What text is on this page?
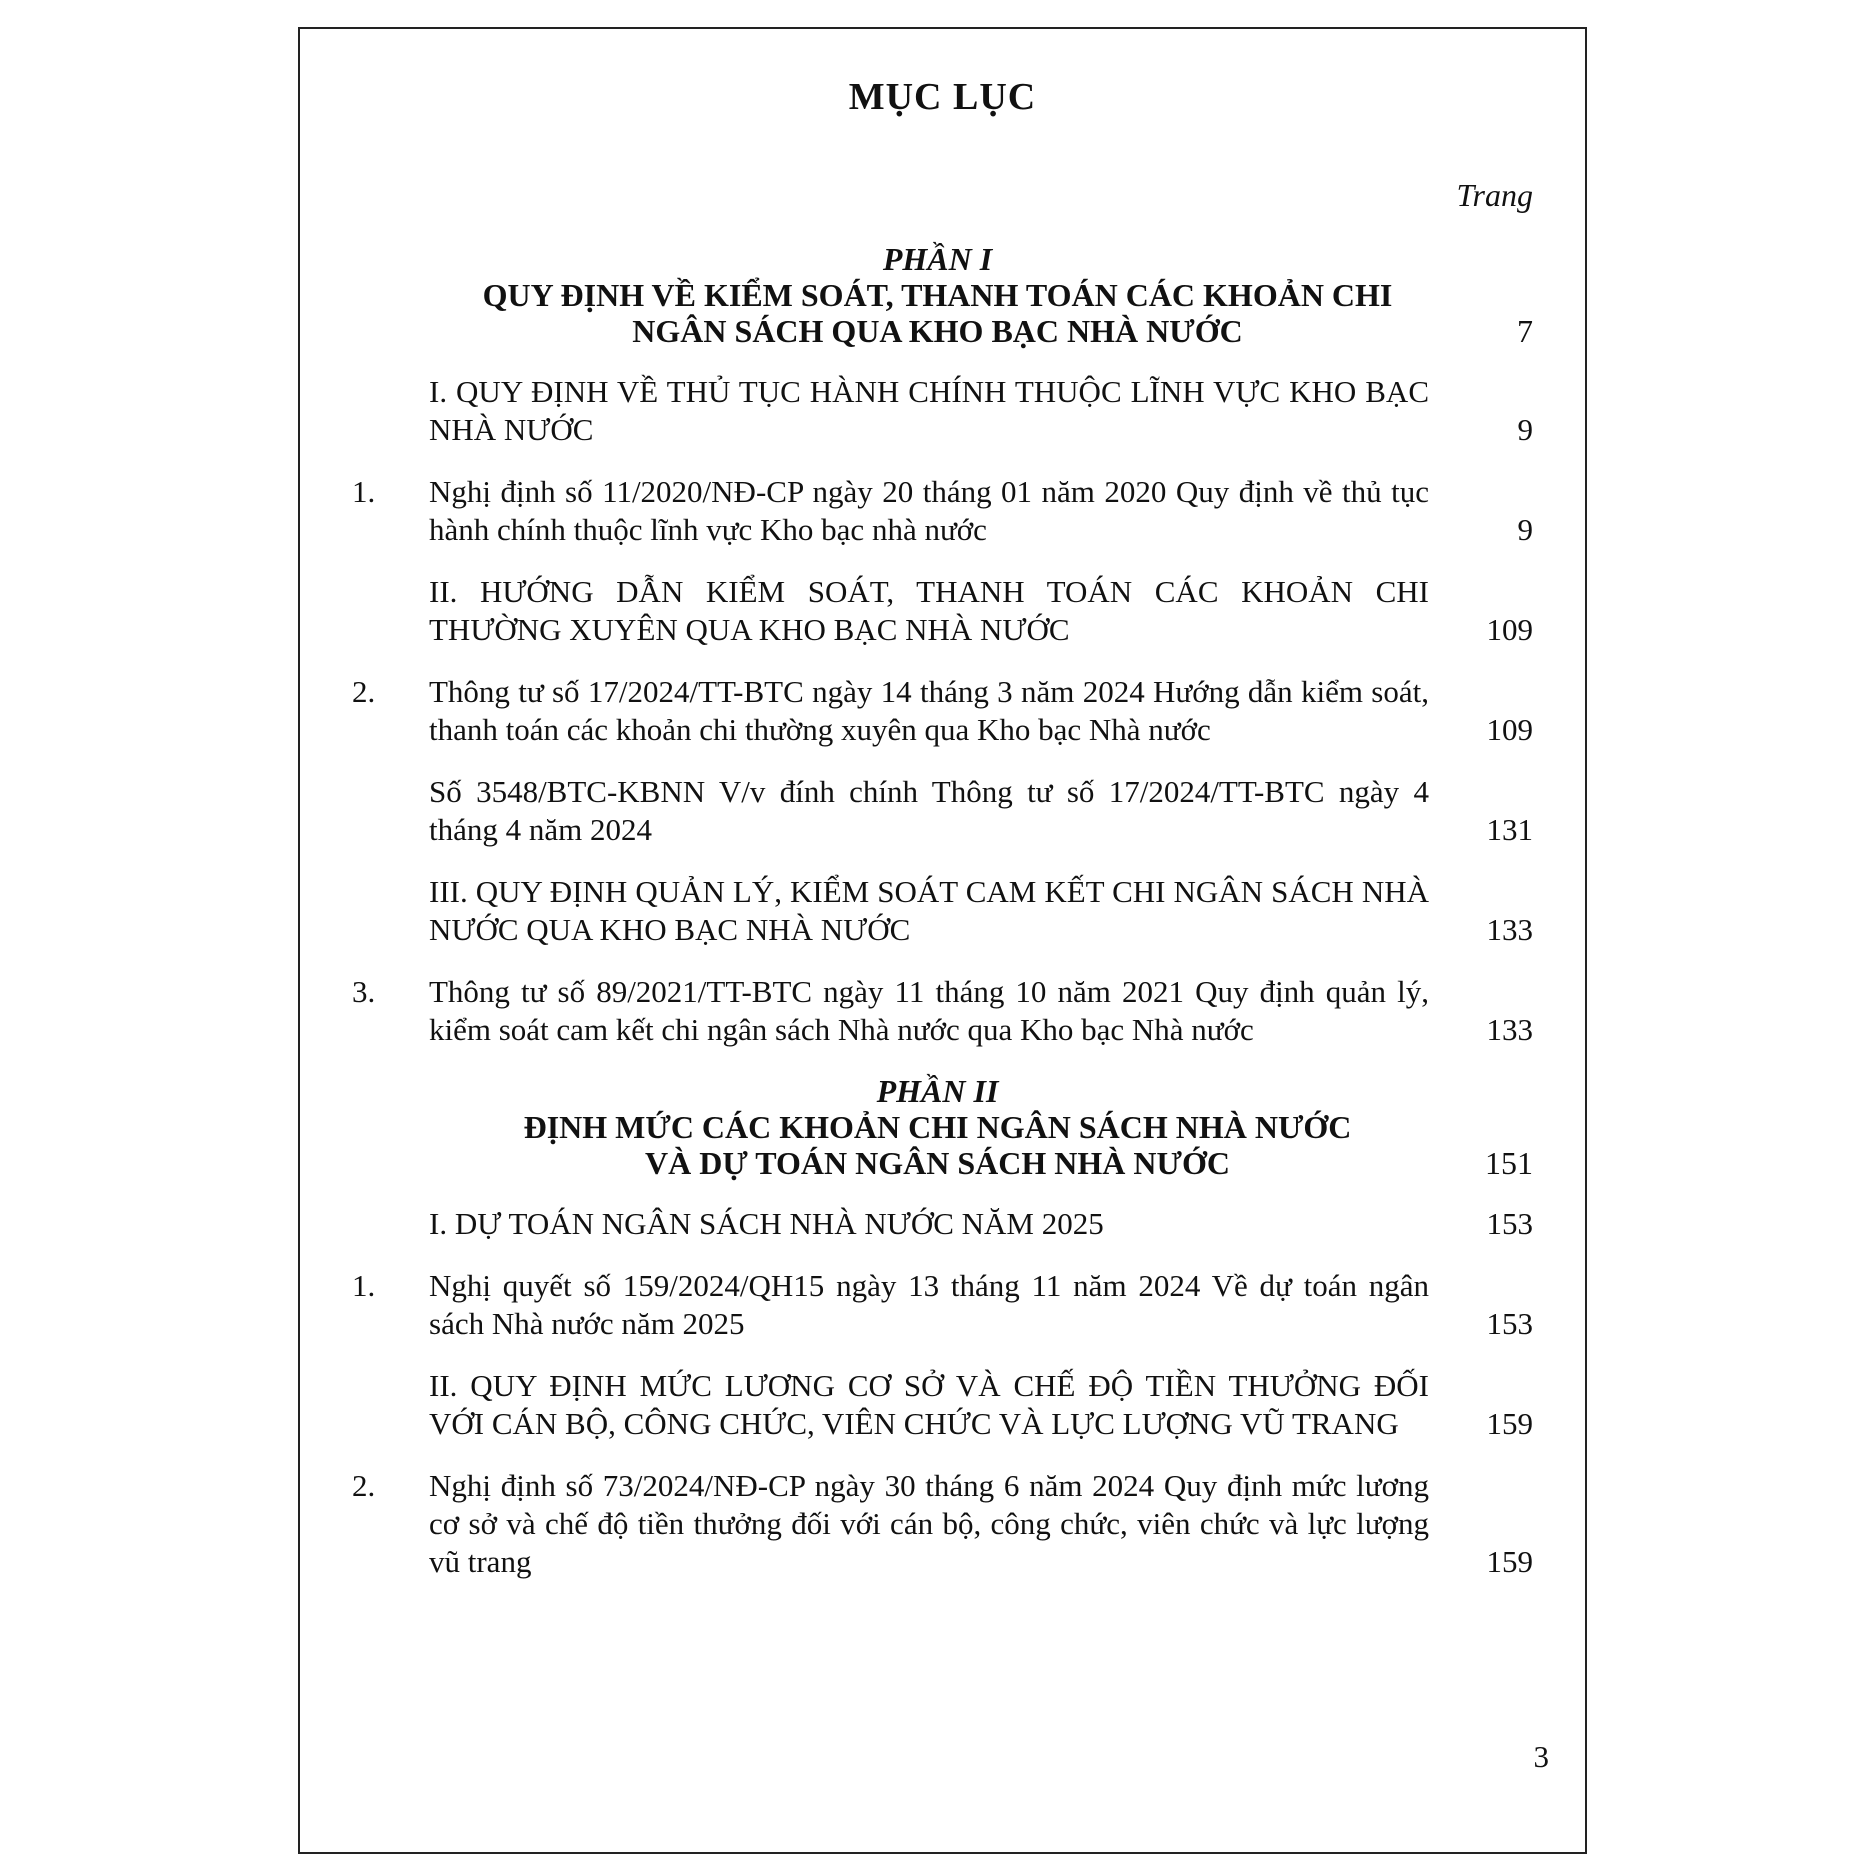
MỤC LỤC
Trang
PHẦN I
QUY ĐỊNH VỀ KIỂM SOÁT, THANH TOÁN CÁC KHOẢN CHI
NGÂN SÁCH QUA KHO BẠC NHÀ NƯỚC	7
I. QUY ĐỊNH VỀ THỦ TỤC HÀNH CHÍNH THUỘC LĨNH VỰC KHO BẠC NHÀ NƯỚC	9
1. Nghị định số 11/2020/NĐ-CP ngày 20 tháng 01 năm 2020 Quy định về thủ tục hành chính thuộc lĩnh vực Kho bạc nhà nước	9
II. HƯỚNG DẪN KIỂM SOÁT, THANH TOÁN CÁC KHOẢN CHI THƯỜNG XUYÊN QUA KHO BẠC NHÀ NƯỚC	109
2. Thông tư số 17/2024/TT-BTC ngày 14 tháng 3 năm 2024 Hướng dẫn kiểm soát, thanh toán các khoản chi thường xuyên qua Kho bạc Nhà nước	109
Số 3548/BTC-KBNN V/v đính chính Thông tư số 17/2024/TT-BTC ngày 4 tháng 4 năm 2024	131
III. QUY ĐỊNH QUẢN LÝ, KIỂM SOÁT CAM KẾT CHI NGÂN SÁCH NHÀ NƯỚC QUA KHO BẠC NHÀ NƯỚC	133
3. Thông tư số 89/2021/TT-BTC ngày 11 tháng 10 năm 2021 Quy định quản lý, kiểm soát cam kết chi ngân sách Nhà nước qua Kho bạc Nhà nước	133
PHẦN II
ĐỊNH MỨC CÁC KHOẢN CHI NGÂN SÁCH NHÀ NƯỚC
VÀ DỰ TOÁN NGÂN SÁCH NHÀ NƯỚC	151
I. DỰ TOÁN NGÂN SÁCH NHÀ NƯỚC NĂM 2025	153
1. Nghị quyết số 159/2024/QH15 ngày 13 tháng 11 năm 2024 Về dự toán ngân sách Nhà nước năm 2025	153
II. QUY ĐỊNH MỨC LƯƠNG CƠ SỞ VÀ CHẾ ĐỘ TIỀN THƯỞNG ĐỐI VỚI CÁN BỘ, CÔNG CHỨC, VIÊN CHỨC VÀ LỰC LƯỢNG VŨ TRANG	159
2. Nghị định số 73/2024/NĐ-CP ngày 30 tháng 6 năm 2024 Quy định mức lương cơ sở và chế độ tiền thưởng đối với cán bộ, công chức, viên chức và lực lượng vũ trang	159
3
